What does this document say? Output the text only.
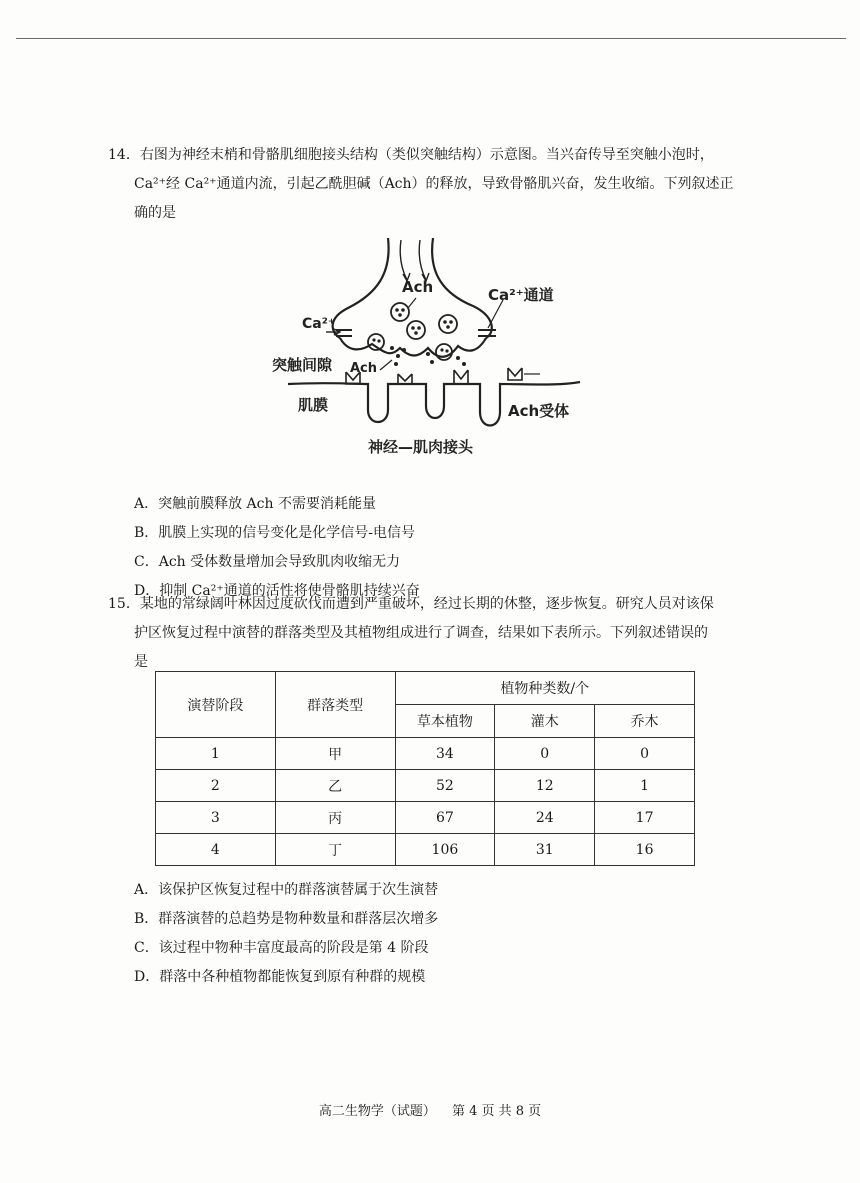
14．右图为神经末梢和骨骼肌细胞接头结构（类似突触结构）示意图。当兴奋传导至突触小泡时，

Ca²⁺经 Ca²⁺通道内流，引起乙酰胆碱（Ach）的释放，导致骨骼肌兴奋，发生收缩。下列叙述正
确的是

A．突触前膜释放 Ach 不需要消耗能量
B．肌膜上实现的信号变化是化学信号-电信号
C．Ach 受体数量增加会导致肌肉收缩无力
D．抑制 Ca²⁺通道的活性将使骨骼肌持续兴奋
Ach	Ca²⁺通道
Ca²⁺
突触间隙 Ach
肌膜	Ach受体
神经—肌肉接头

15．某地的常绿阔叶林因过度砍伐而遭到严重破坏，经过长期的休整，逐步恢复。研究人员对该保

护区恢复过程中演替的群落类型及其植物组成进行了调查，结果如下表所示。下列叙述错误的
是

A．该保护区恢复过程中的群落演替属于次生演替
B．群落演替的总趋势是物种数量和群落层次增多
C．该过程中物种丰富度最高的阶段是第 4 阶段
D．群落中各种植物都能恢复到原有种群的规模
演替阶段	群落类型	植物种类数/个		
		草本植物	灌木	乔木
1	甲	34	0	0
2	乙	52	12	1
3	丙	67	24	17
4	丁	106	31	16
高二生物学（试题） 第 4 页 共 8 页
